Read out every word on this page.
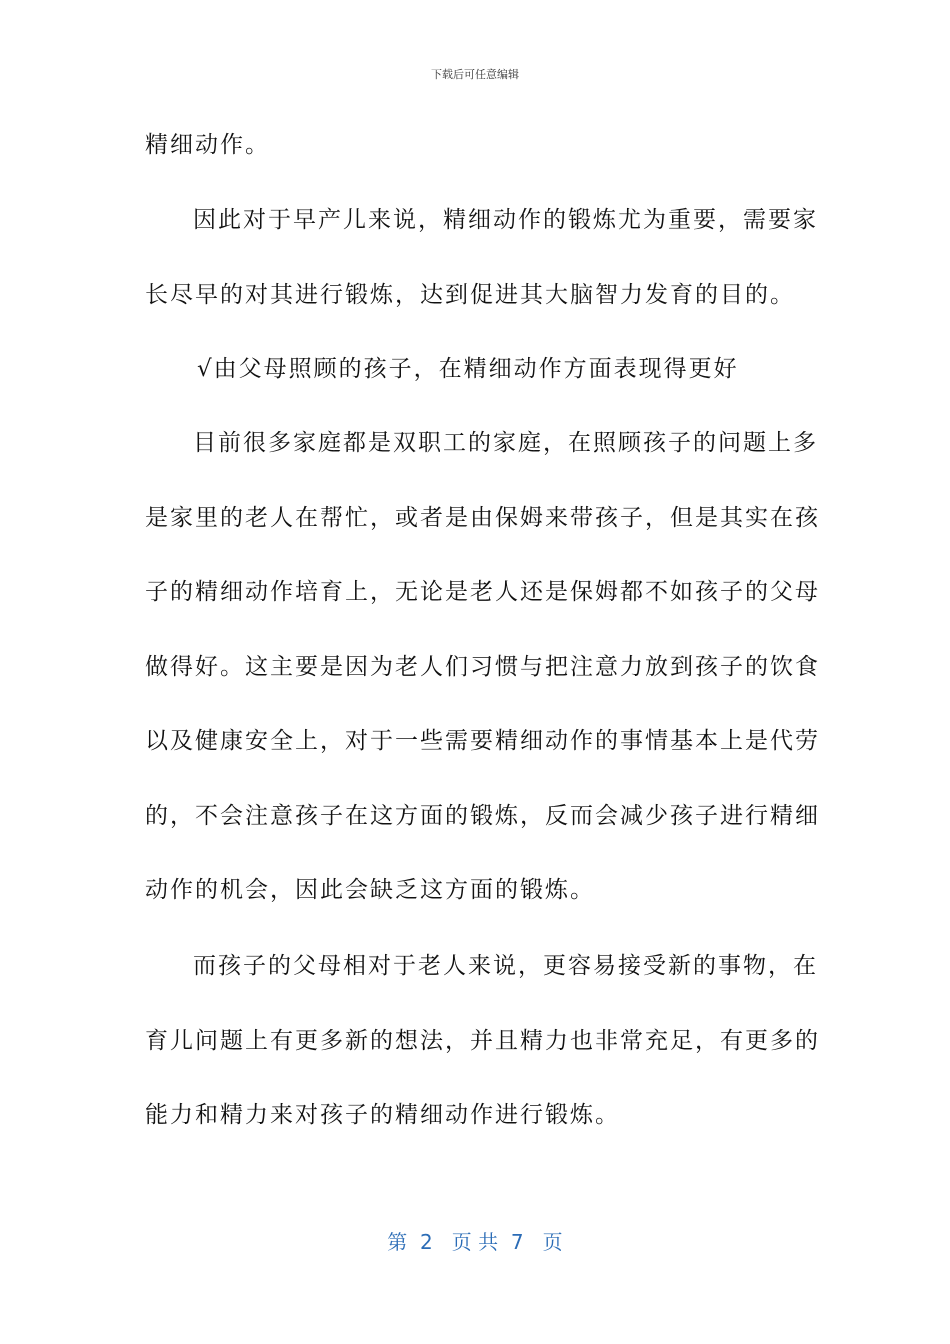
下载后可任意编辑
精细动作。
因此对于早产儿来说，精细动作的锻炼尤为重要，需要家
长尽早的对其进行锻炼，达到促进其大脑智力发育的目的。
√由父母照顾的孩子，在精细动作方面表现得更好
目前很多家庭都是双职工的家庭，在照顾孩子的问题上多
是家里的老人在帮忙，或者是由保姆来带孩子，但是其实在孩
子的精细动作培育上，无论是老人还是保姆都不如孩子的父母
做得好。这主要是因为老人们习惯与把注意力放到孩子的饮食
以及健康安全上，对于一些需要精细动作的事情基本上是代劳
的，不会注意孩子在这方面的锻炼，反而会减少孩子进行精细
动作的机会，因此会缺乏这方面的锻炼。
而孩子的父母相对于老人来说，更容易接受新的事物，在
育儿问题上有更多新的想法，并且精力也非常充足，有更多的
能力和精力来对孩子的精细动作进行锻炼。
第  2   页 共  7   页
